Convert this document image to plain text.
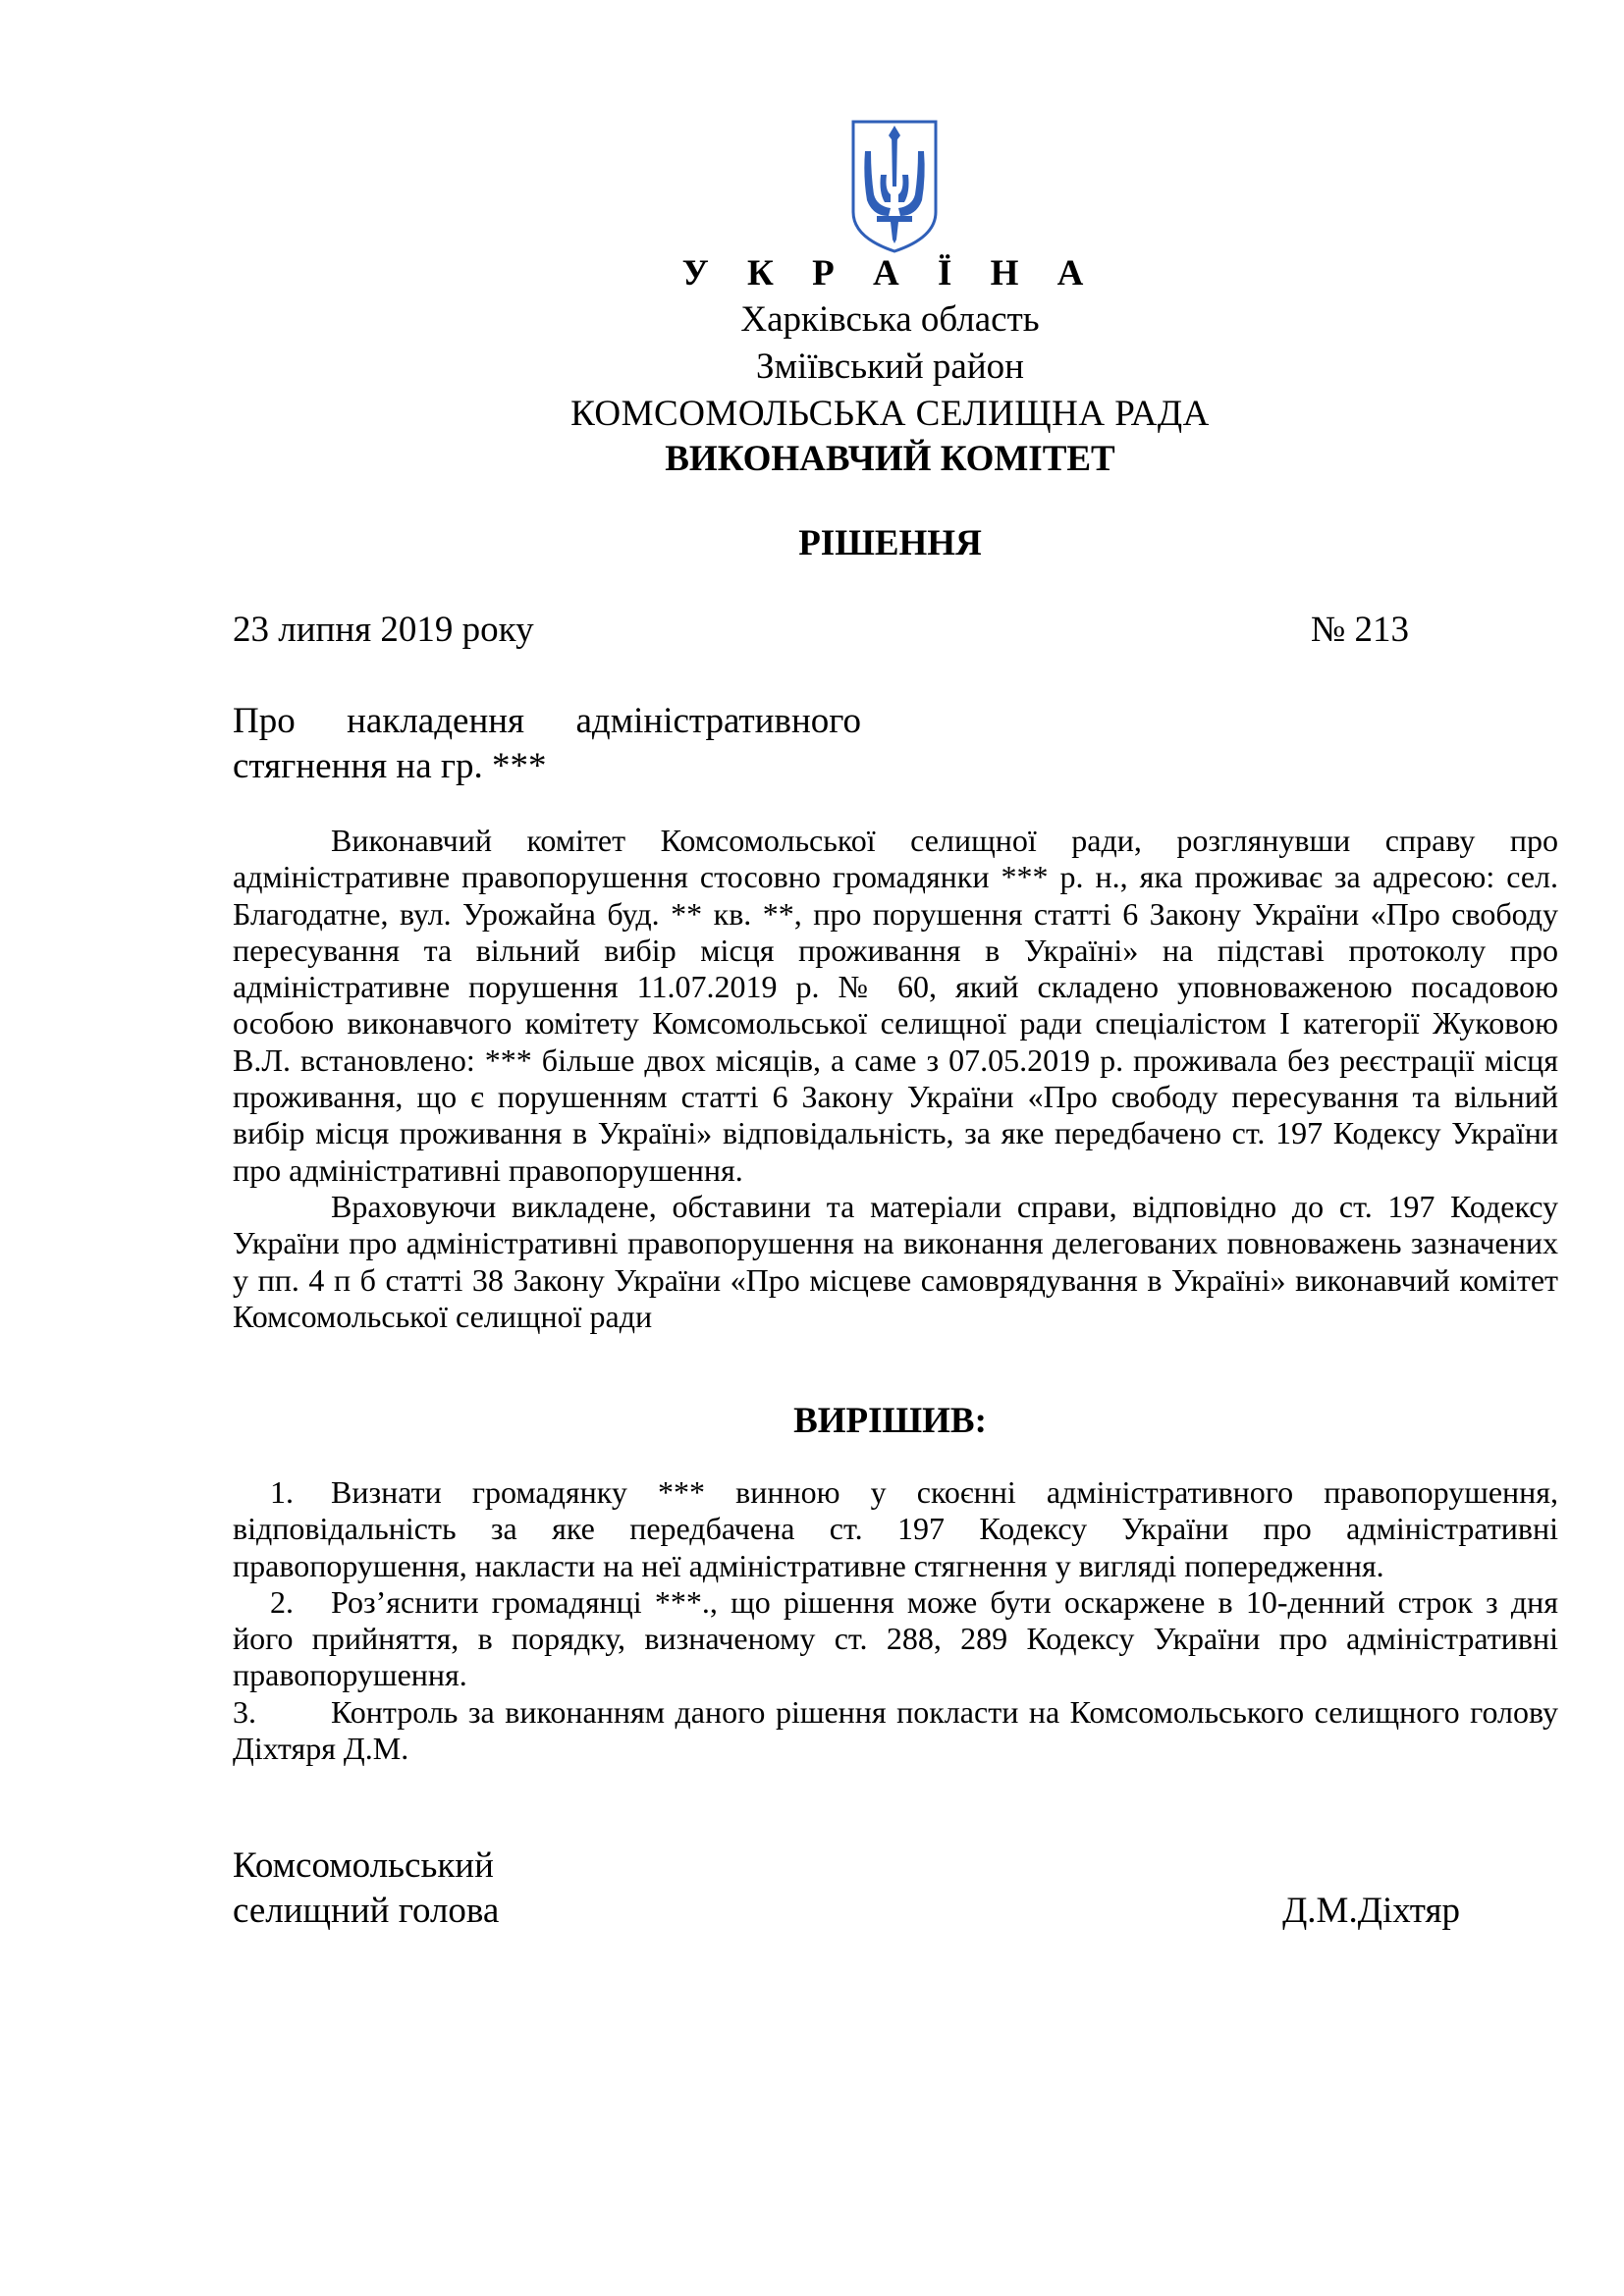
У К Р А Ї Н А
Харківська область
Зміївський район
КОМСОМОЛЬСЬКА СЕЛИЩНА РАДА
ВИКОНАВЧИЙ КОМІТЕТ
РІШЕННЯ
23 липня 2019 року	№ 213
Про накладення адміністративного
стягнення на гр. ***

Виконавчий комітет Комсомольської селищної ради, розглянувши справу про адміністративне правопорушення стосовно громадянки *** р. н., яка проживає за адресою: сел. Благодатне, вул. Урожайна буд. ** кв. **, про порушення статті 6 Закону України «Про свободу пересування та вільний вибір місця проживання в Україні» на підставі протоколу про адміністративне порушення 11.07.2019 р. № 60, який складено уповноваженою посадовою особою виконавчого комітету Комсомольської селищної ради спеціалістом І категорії Жуковою В.Л. встановлено: *** більше двох місяців, а саме з 07.05.2019 р. проживала без реєстрації місця проживання, що є порушенням статті 6 Закону України «Про свободу пересування та вільний вибір місця проживання в Україні» відповідальність, за яке передбачено ст. 197 Кодексу України про адміністративні правопорушення.

Враховуючи викладене, обставини та матеріали справи, відповідно до ст. 197 Кодексу України про адміністративні правопорушення на виконання делегованих повноважень зазначених у пп. 4 п б статті 38 Закону України «Про місцеве самоврядування в Україні» виконавчий комітет Комсомольської селищної ради

ВИРІШИВ:

1. Визнати громадянку *** винною у скоєнні адміністративного правопорушення, відповідальність за яке передбачена ст. 197 Кодексу України про адміністративні правопорушення, накласти на неї адміністративне стягнення у вигляді попередження.

2. Роз’яснити громадянці ***., що рішення може бути оскаржене в 10-денний строк з дня його прийняття, в порядку, визначеному ст. 288, 289 Кодексу України про адміністративні правопорушення.

3. Контроль за виконанням даного рішення покласти на Комсомольського селищного голову Діхтяря Д.М.

Комсомольський
селищний голова	Д.М.Діхтяр
